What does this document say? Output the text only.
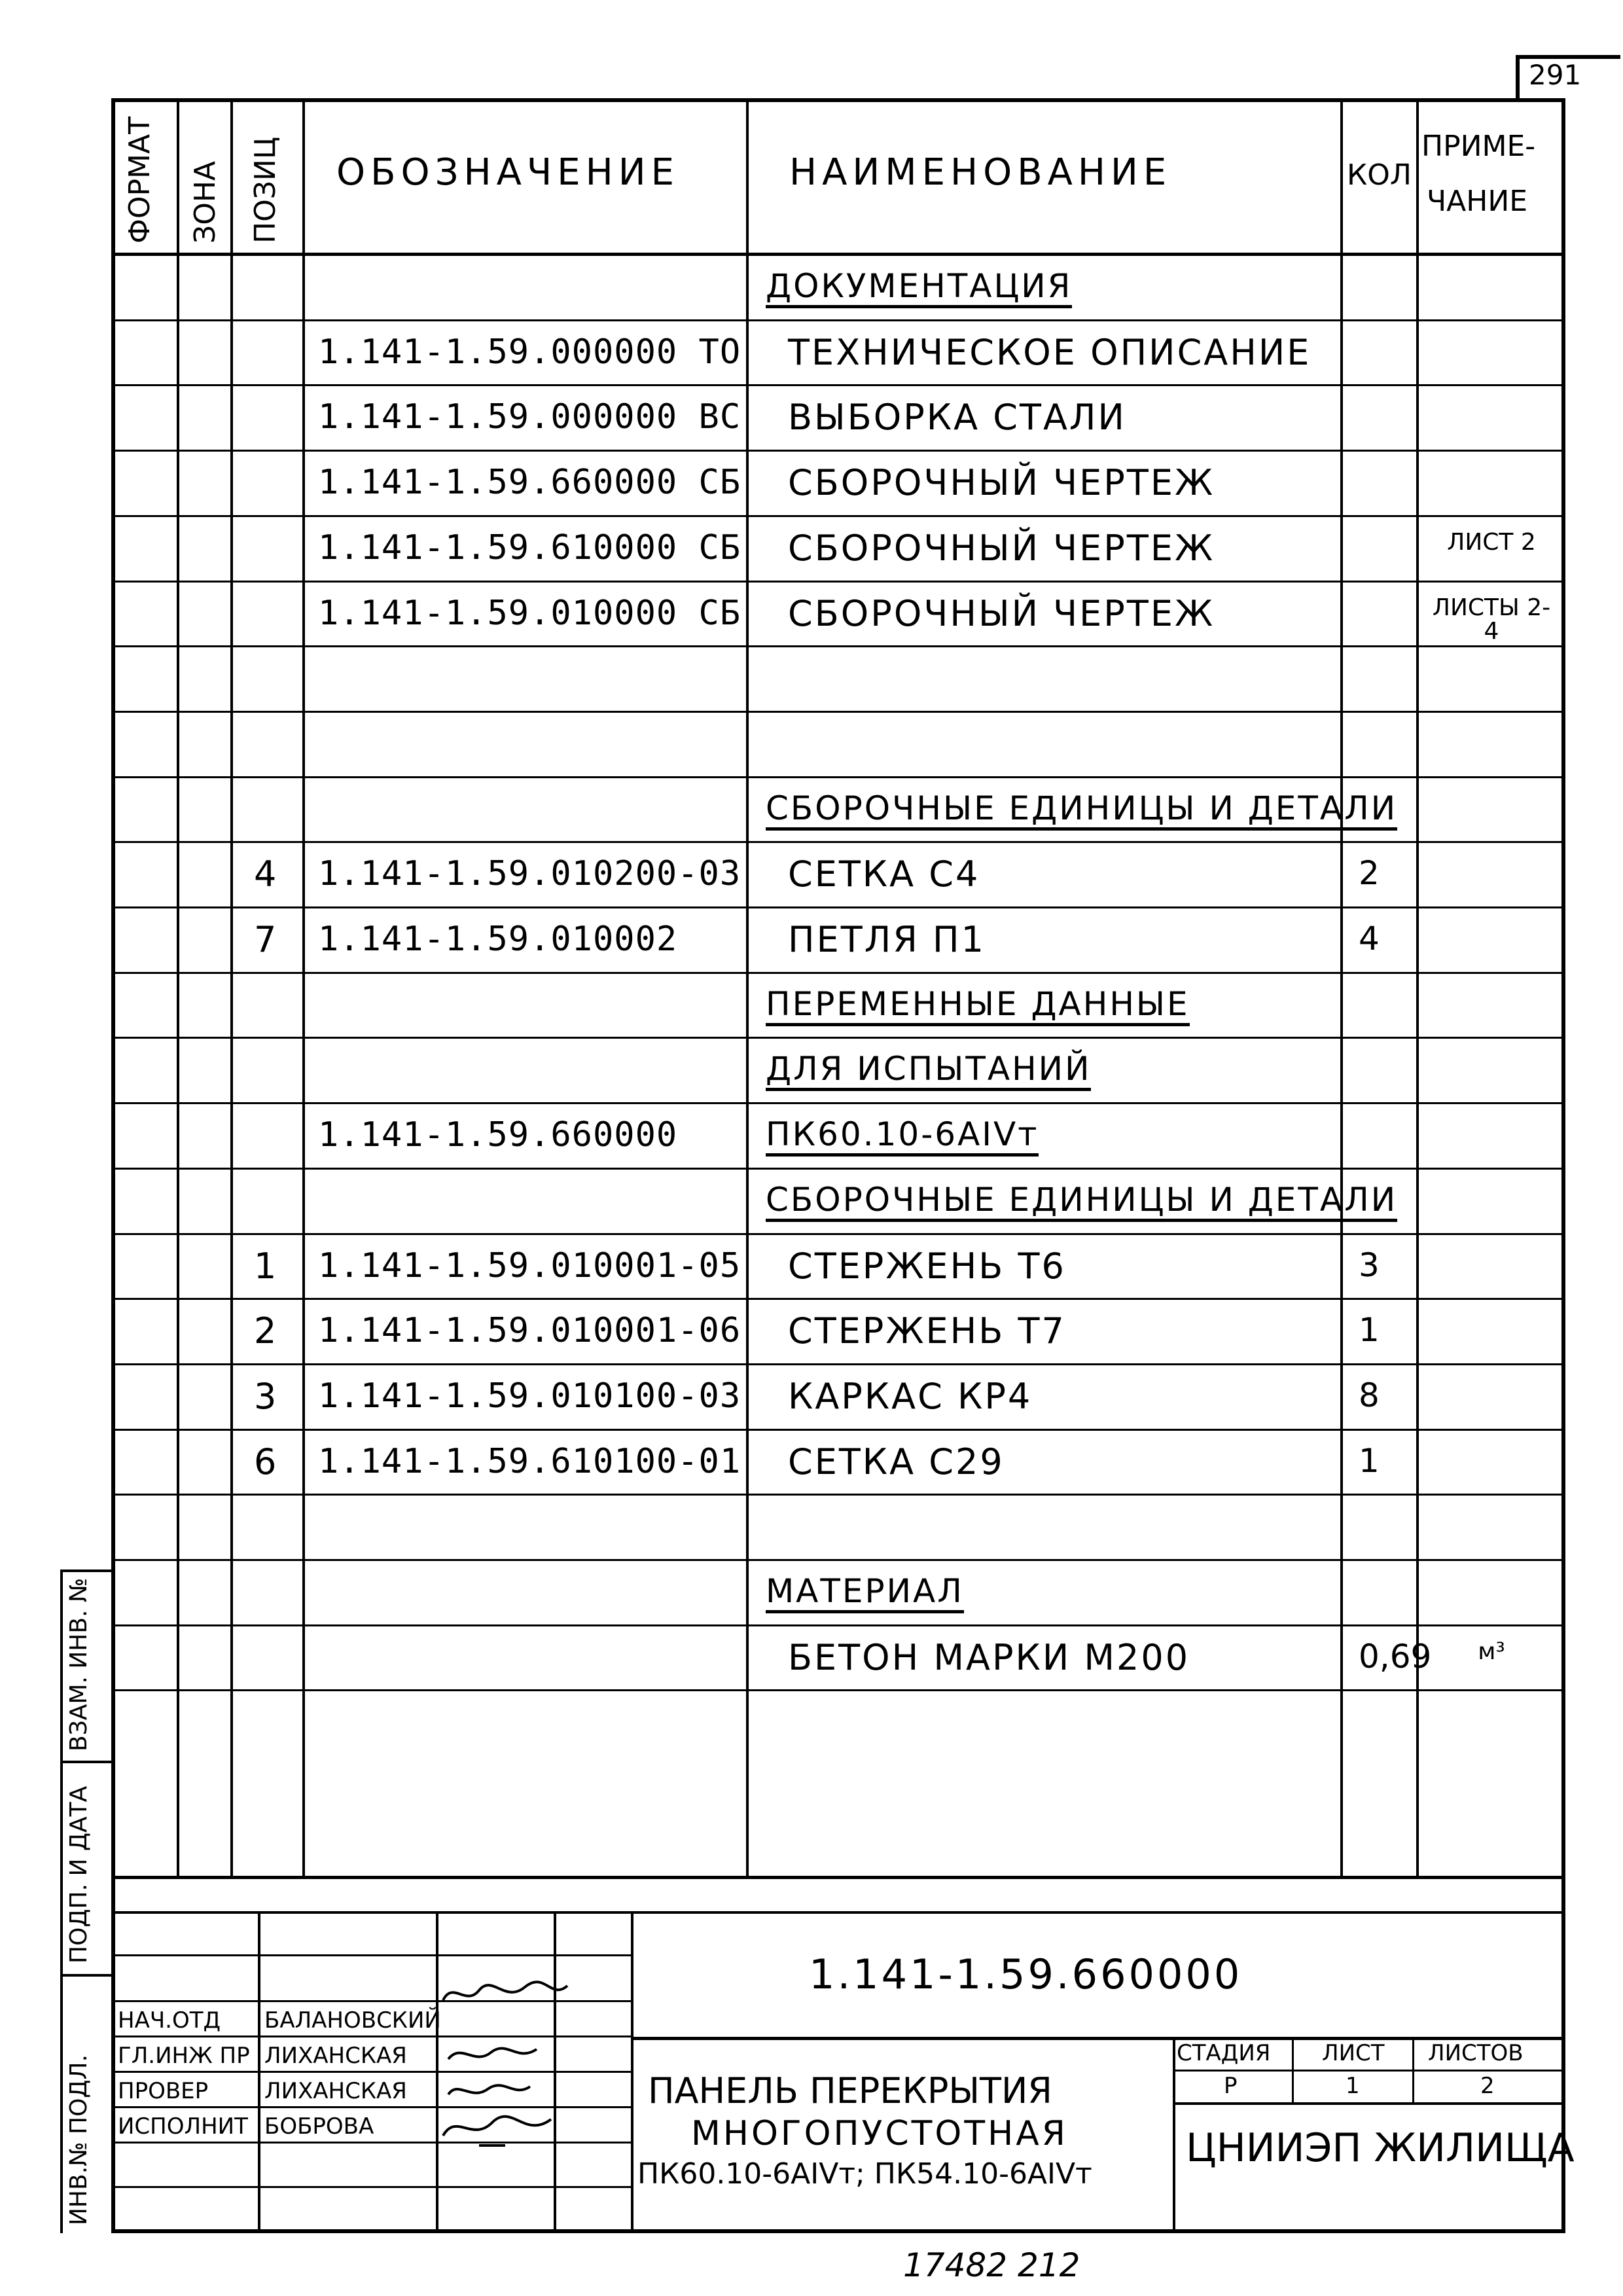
291
ФОРМАТ ЗОНА ПОЗИЦ ОБОЗНАЧЕНИЕ	НАИМЕНОВАНИЕ	КОЛ
ПРИМЕ-
ЧАНИЕ
ДОКУМЕНТАЦИЯ
1.141-1.59.000000 ТО ТЕХНИЧЕСКОЕ ОПИСАНИЕ
1.141-1.59.000000 ВС ВЫБОРКА СТАЛИ
1.141-1.59.660000 СБ СБОРОЧНЫЙ ЧЕРТЕЖ
1.141-1.59.610000 СБ СБОРОЧНЫЙ ЧЕРТЕЖ	ЛИСТ 2
1.141-1.59.010000 СБ СБОРОЧНЫЙ ЧЕРТЕЖ	ЛИСТЫ 2-4
СБОРОЧНЫЕ ЕДИНИЦЫ И ДЕТАЛИ
4 1.141-1.59.010200-03 СЕТКА С4	2
7 1.141-1.59.010002	ПЕТЛЯ П1	4
ПЕРЕМЕННЫЕ ДАННЫЕ
ДЛЯ ИСПЫТАНИЙ
1.141-1.59.660000	ПК60.10-6АIVт
СБОРОЧНЫЕ ЕДИНИЦЫ И ДЕТАЛИ
1 1.141-1.59.010001-05 СТЕРЖЕНЬ Т6	3
2 1.141-1.59.010001-06 СТЕРЖЕНЬ Т7	1
3 1.141-1.59.010100-03 КАРКАС КР4	8
6 1.141-1.59.610100-01 СЕТКА С29	1
МАТЕРИАЛ
БЕТОН МАРКИ М200	0,69	м³
ВЗАМ. ИНВ. №
ПОДП. И ДАТА
ИНВ.№ ПОДЛ.
1.141-1.59.660000
НАЧ.ОТД БАЛАНОВСКИЙ
ГЛ.ИНЖ ПР ЛИХАНСКАЯ
ПРОВЕР	ЛИХАНСКАЯ
ИСПОЛНИТ БОБРОВА
ПАНЕЛЬ ПЕРЕКРЫТИЯ
МНОГОПУСТОТНАЯ
ПК60.10-6АIVт; ПК54.10-6АIVт
СТАДИЯ ЛИСТ ЛИСТОВ
Р	1	2
ЦНИИЭП ЖИЛИЩА
17482 212
